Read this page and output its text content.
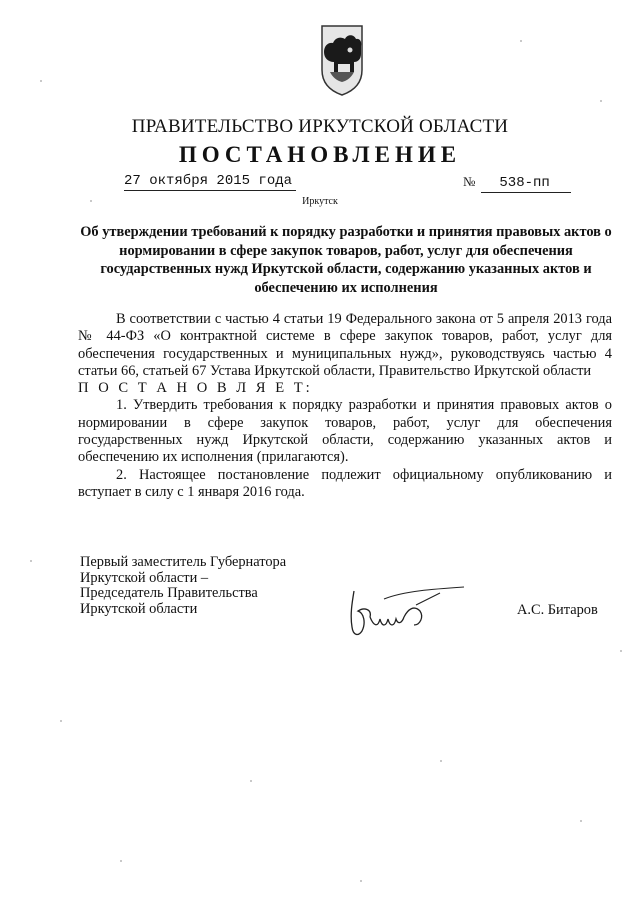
ПРАВИТЕЛЬСТВО ИРКУТСКОЙ ОБЛАСТИ
ПОСТАНОВЛЕНИЕ
27 октября 2015 года	№ 538-пп
Иркутск
Об утверждении требований к порядку разработки и принятия правовых актов о нормировании в сфере закупок товаров, работ, услуг для обеспечения государственных нужд Иркутской области, содержанию указанных актов и обеспечению их исполнения

В соответствии с частью 4 статьи 19 Федерального закона от 5 апреля 2013 года № 44-ФЗ «О контрактной системе в сфере закупок товаров, работ, услуг для обеспечения государственных и муниципальных нужд», руководствуясь частью 4 статьи 66, статьей 67 Устава Иркутской области, Правительство Иркутской области

П О С Т А Н О В Л Я Е Т:

1. Утвердить требования к порядку разработки и принятия правовых актов о нормировании в сфере закупок товаров, работ, услуг для обеспечения государственных нужд Иркутской области, содержанию указанных актов и обеспечению их исполнения (прилагаются).

2. Настоящее постановление подлежит официальному опубликованию и вступает в силу с 1 января 2016 года.

Первый заместитель Губернатора
Иркутской области –
Председатель Правительства
Иркутской области	А.С. Битаров
